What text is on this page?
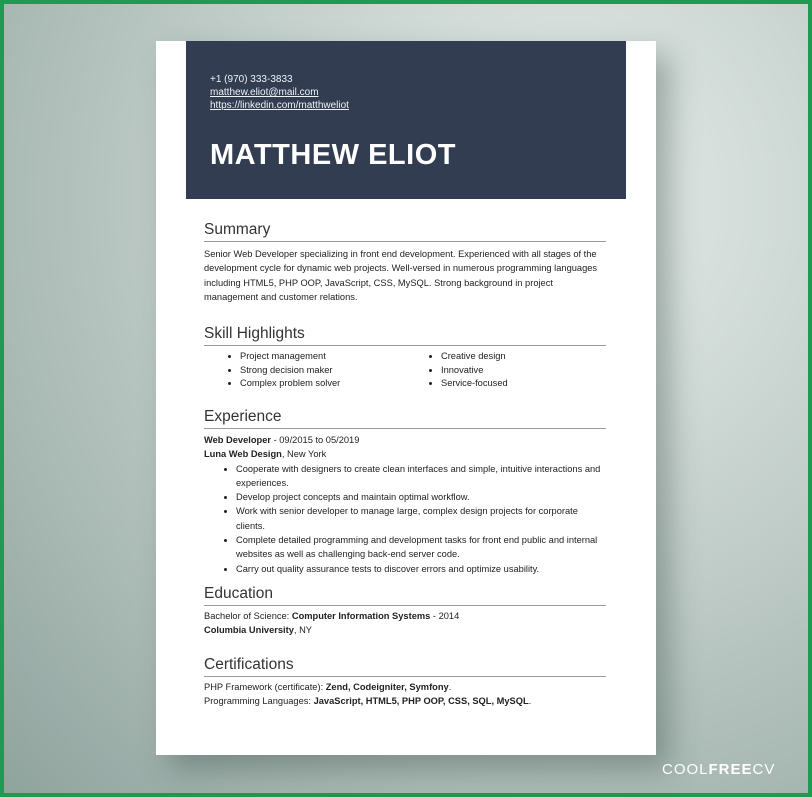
+1 (970) 333-3833
matthew.eliot@mail.com
https://linkedin.com/matthweliot
MATTHEW ELIOT
Summary
Senior Web Developer specializing in front end development. Experienced with all stages of the development cycle for dynamic web projects. Well-versed in numerous programming languages including HTML5, PHP OOP, JavaScript, CSS, MySQL. Strong background in project management and customer relations.
Skill Highlights
• Project management
• Strong decision maker
• Complex problem solver
• Creative design
• Innovative
• Service-focused
Experience
Web Developer - 09/2015 to 05/2019
Luna Web Design, New York
• Cooperate with designers to create clean interfaces and simple, intuitive interactions and experiences.
• Develop project concepts and maintain optimal workflow.
• Work with senior developer to manage large, complex design projects for corporate clients.
• Complete detailed programming and development tasks for front end public and internal websites as well as challenging back-end server code.
• Carry out quality assurance tests to discover errors and optimize usability.
Education
Bachelor of Science: Computer Information Systems - 2014
Columbia University, NY
Certifications
PHP Framework (certificate): Zend, Codeigniter, Symfony.
Programming Languages: JavaScript, HTML5, PHP OOP, CSS, SQL, MySQL.
COOLFREECV
